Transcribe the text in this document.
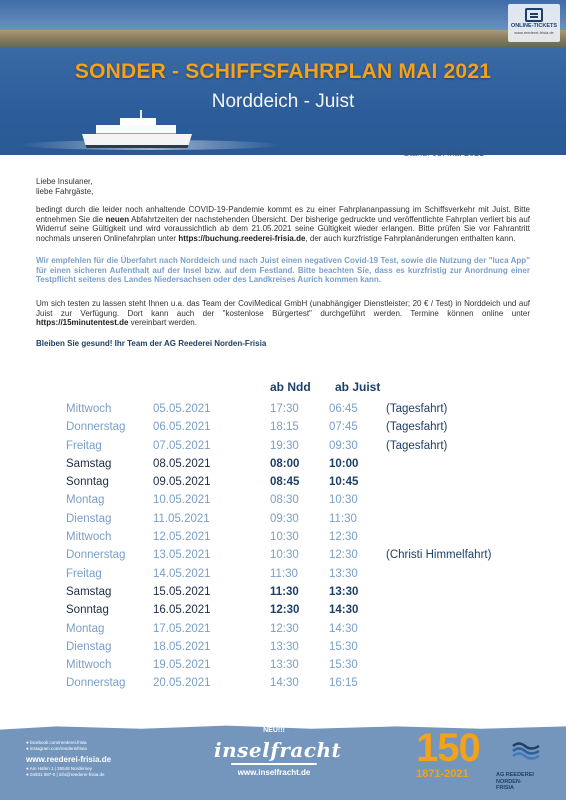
SONDER - SCHIFFSFAHRPLAN MAI 2021
Norddeich - Juist
ONLINE-TICKETS
www.reederei-frisia.de
Stand: 05. Mai 2021
Liebe Insulaner,
liebe Fahrgäste,
bedingt durch die leider noch anhaltende COVID-19-Pandemie kommt es zu einer Fahrplananpassung im Schiffsverkehr mit Juist. Bitte entnehmen Sie die neuen Abfahrtzeiten der nachstehenden Übersicht. Der bisherige gedruckte und veröffentlichte Fahrplan verliert bis auf Widerruf seine Gültigkeit und wird voraussichtlich ab dem 21.05.2021 seine Gültigkeit wieder erlangen. Bitte prüfen Sie vor Fahrantritt nochmals unseren Onlinefahrplan unter https://buchung.reederei-frisia.de, der auch kurzfristige Fahrplanänderungen enthalten kann.
Wir empfehlen für die Überfahrt nach Norddeich und nach Juist einen negativen Covid-19 Test, sowie die Nutzung der "luca App" für einen sicheren Aufenthalt auf der Insel bzw. auf dem Festland. Bitte beachten Sie, dass es kurzfristig zur Anordnung einer Testpflicht seitens des Landes Niedersachsen oder des Landkreises Aurich kommen kann.
Um sich testen zu lassen steht Ihnen u.a. das Team der CoviMedical GmbH (unabhängiger Dienstleister; 20 € / Test) in Norddeich und auf Juist zur Verfügung. Dort kann auch der "kostenlose Bürgertest" durchgeführt werden. Termine können online unter https://15minutentest.de vereinbart werden.
Bleiben Sie gesund! Ihr Team der AG Reederei Norden-Frisia
ab Ndd ab Juist
Mittwoch	05.05.2021	17:30	06:45 (Tagesfahrt)
Donnerstag 06.05.2021	18:15	07:45 (Tagesfahrt)
Freitag	07.05.2021	19:30	09:30 (Tagesfahrt)
Samstag	08.05.2021	08:00	10:00
Sonntag	09.05.2021	08:45	10:45
Montag	10.05.2021	08:30	10:30
Dienstag	11.05.2021	09:30	11:30
Mittwoch	12.05.2021	10:30	12:30
Donnerstag 13.05.2021	10:30	12:30 (Christi Himmelfahrt)
Freitag	14.05.2021	11:30	13:30
Samstag	15.05.2021	11:30	13:30
Sonntag	16.05.2021	12:30	14:30
Montag	17.05.2021	12:30	14:30
Dienstag	18.05.2021	13:30	15:30
Mittwoch	19.05.2021	13:30	15:30
Donnerstag 20.05.2021	14:30	16:15
● facebook.com/reederei.frisia
● instagram.com/reedereifrisia
www.reederei-frisia.de
● Am Hafen 1 | 26548 Norderney
● 04931 987-0 | info@reederei-frisia.de
NEU!!!
inselfracht
www.inselfracht.de
150
1871-2021	AG REEDEREI
NORDEN-FRISIA
